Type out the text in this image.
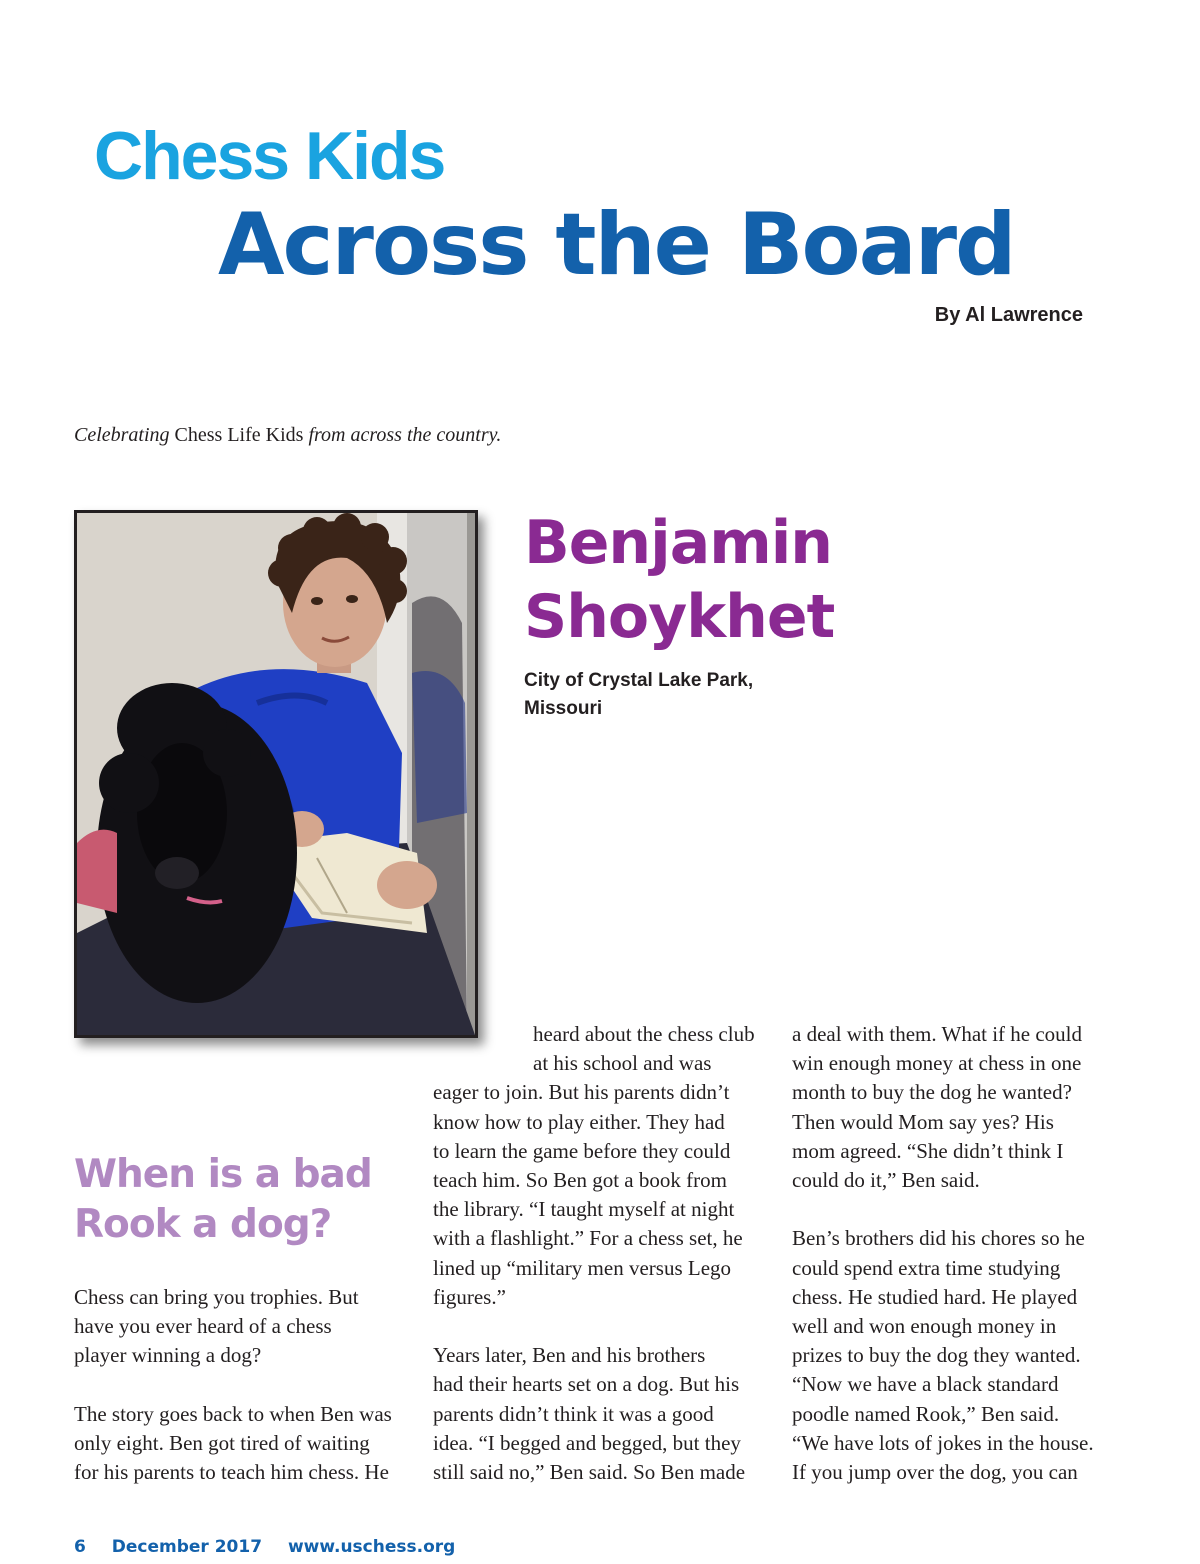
Chess Kids
Across the Board
By Al Lawrence
Celebrating Chess Life Kids from across the country.
Benjamin
Shoykhet
City of Crystal Lake Park,
Missouri
When is a bad
Rook a dog?

Chess can bring you trophies. But

have you ever heard of a chess

player winning a dog?

The story goes back to when Ben was

only eight. Ben got tired of waiting

for his parents to teach him chess. He

heard about the chess club

at his school and was

eager to join. But his parents didn’t

know how to play either. They had

to learn the game before they could

teach him. So Ben got a book from

the library. “I taught myself at night

with a flashlight.” For a chess set, he

lined up “military men versus Lego

figures.”

Years later, Ben and his brothers

had their hearts set on a dog. But his

parents didn’t think it was a good

idea. “I begged and begged, but they

still said no,” Ben said. So Ben made

a deal with them. What if he could

win enough money at chess in one

month to buy the dog he wanted?

Then would Mom say yes? His

mom agreed. “She didn’t think I

could do it,” Ben said.

Ben’s brothers did his chores so he

could spend extra time studying

chess. He studied hard. He played

well and won enough money in

prizes to buy the dog they wanted.

“Now we have a black standard

poodle named Rook,” Ben said.

“We have lots of jokes in the house.

If you jump over the dog, you can

6 December 2017 www.uschess.org
